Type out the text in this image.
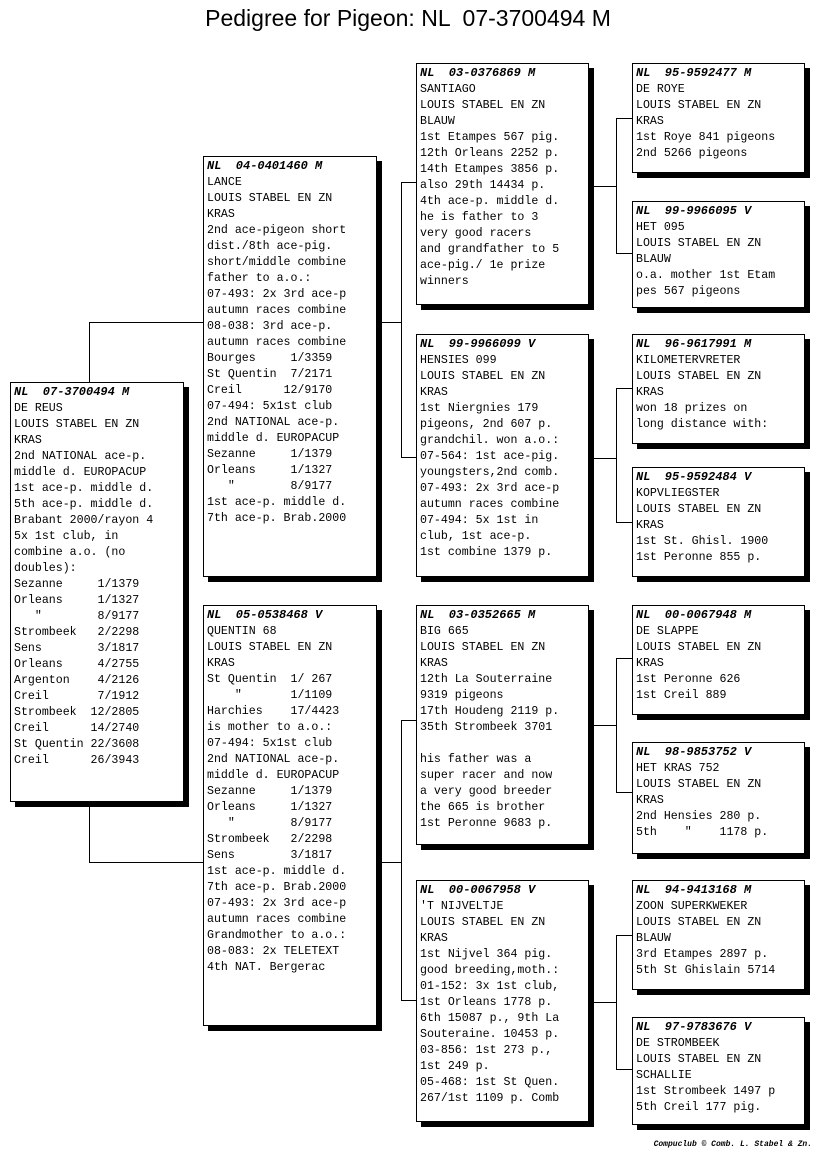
Pedigree for Pigeon: NL  07-3700494 M
NL  07-3700494 M
DE REUS
LOUIS STABEL EN ZN
KRAS
2nd NATIONAL ace-p.
middle d. EUROPACUP
1st ace-p. middle d.
5th ace-p. middle d.
Brabant 2000/rayon 4
5x 1st club, in
combine a.o. (no
doubles):
Sezanne     1/1379
Orleans     1/1327
"        8/9177
Strombeek   2/2298
Sens        3/1817
Orleans     4/2755
Argenton    4/2126
Creil       7/1912
Strombeek  12/2805
Creil      14/2740
St Quentin 22/3608
Creil      26/3943
NL  04-0401460 M
LANCE
LOUIS STABEL EN ZN
KRAS
2nd ace-pigeon short
dist./8th ace-pig.
short/middle combine
father to a.o.:
07-493: 2x 3rd ace-p
autumn races combine
08-038: 3rd ace-p.
autumn races combine
Bourges     1/3359
St Quentin  7/2171
Creil      12/9170
07-494: 5x1st club
2nd NATIONAL ace-p.
middle d. EUROPACUP
Sezanne     1/1379
Orleans     1/1327
"        8/9177
1st ace-p. middle d.
7th ace-p. Brab.2000
NL  05-0538468 V
QUENTIN 68
LOUIS STABEL EN ZN
KRAS
St Quentin  1/ 267
"       1/1109
Harchies    17/4423
is mother to a.o.:
07-494: 5x1st club
2nd NATIONAL ace-p.
middle d. EUROPACUP
Sezanne     1/1379
Orleans     1/1327
"        8/9177
Strombeek   2/2298
Sens        3/1817
1st ace-p. middle d.
7th ace-p. Brab.2000
07-493: 2x 3rd ace-p
autumn races combine
Grandmother to a.o.:
08-083: 2x TELETEXT
4th NAT. Bergerac
NL  03-0376869 M
SANTIAGO
LOUIS STABEL EN ZN
BLAUW
1st Etampes 567 pig.
12th Orleans 2252 p.
14th Etampes 3856 p.
also 29th 14434 p.
4th ace-p. middle d.
he is father to 3
very good racers
and grandfather to 5
ace-pig./ 1e prize
winners
NL  99-9966099 V
HENSIES 099
LOUIS STABEL EN ZN
KRAS
1st Niergnies 179
pigeons, 2nd 607 p.
grandchil. won a.o.:
07-564: 1st ace-pig.
youngsters,2nd comb.
07-493: 2x 3rd ace-p
autumn races combine
07-494: 5x 1st in
club, 1st ace-p.
1st combine 1379 p.
NL  03-0352665 M
BIG 665
LOUIS STABEL EN ZN
KRAS
12th La Souterraine
9319 pigeons
17th Houdeng 2119 p.
35th Strombeek 3701

his father was a
super racer and now
a very good breeder
the 665 is brother
1st Peronne 9683 p.
NL  00-0067958 V
'T NIJVELTJE
LOUIS STABEL EN ZN
KRAS
1st Nijvel 364 pig.
good breeding,moth.:
01-152: 3x 1st club,
1st Orleans 1778 p.
6th 15087 p., 9th La
Souteraine. 10453 p.
03-856: 1st 273 p.,
1st 249 p.
05-468: 1st St Quen.
267/1st 1109 p. Comb
NL  95-9592477 M
DE ROYE
LOUIS STABEL EN ZN
KRAS
1st Roye 841 pigeons
2nd 5266 pigeons
NL  99-9966095 V
HET 095
LOUIS STABEL EN ZN
BLAUW
o.a. mother 1st Etam
pes 567 pigeons
NL  96-9617991 M
KILOMETERVRETER
LOUIS STABEL EN ZN
KRAS
won 18 prizes on
long distance with:
NL  95-9592484 V
KOPVLIEGSTER
LOUIS STABEL EN ZN
KRAS
1st St. Ghisl. 1900
1st Peronne 855 p.
NL  00-0067948 M
DE SLAPPE
LOUIS STABEL EN ZN
KRAS
1st Peronne 626
1st Creil 889
NL  98-9853752 V
HET KRAS 752
LOUIS STABEL EN ZN
KRAS
2nd Hensies 280 p.
5th    "    1178 p.
NL  94-9413168 M
ZOON SUPERKWEKER
LOUIS STABEL EN ZN
BLAUW
3rd Etampes 2897 p.
5th St Ghislain 5714
NL  97-9783676 V
DE STROMBEEK
LOUIS STABEL EN ZN
SCHALLIE
1st Strombeek 1497 p
5th Creil 177 pig.
Compuclub © Comb. L. Stabel & Zn.
